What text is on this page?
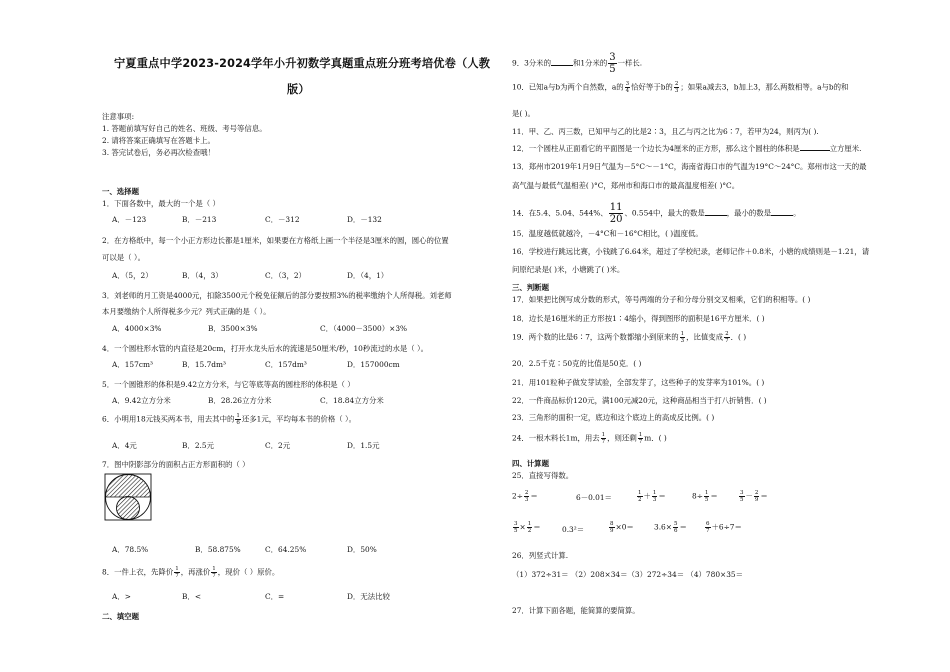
宁夏重点中学2023-2024学年小升初数学真题重点班分班考培优卷（人教
版）
注意事项:
1. 答题前填写好自己的姓名、班级、考号等信息。
2. 请将答案正确填写在答题卡上。
3. 答完试卷后，务必再次检查哦！
一、选择题
1．下面各数中，最大的一个是（ ）
A．－123	B．－213	C．－312	D．－132
2．在方格纸中，每一个小正方形边长都是1厘米，如果要在方格纸上画一个半径是3厘米的圆，圆心的位置
可以是（ ）。
A．（5，2）	B．（4，3）	C．（3，2）	D．（4，1）
3．刘老师的月工资是4000元，扣除3500元个税免征额后的部分要按照3%的税率缴纳个人所得税。刘老师
本月要缴纳个人所得税多少元？列式正确的是（ ）。
A．4000×3%	B．3500×3%	C．（4000－3500）×3%
4．一个圆柱形水管的内直径是20cm，打开水龙头后水的流速是50厘米/秒，10秒流过的水是（ ）。
A．157cm³	B．15.7dm³	C．157dm³	D．157000cm
5．一个圆锥形的体积是9.42立方分米，与它等底等高的圆柱形的体积是（ ）
A．9.42立方分米	B．28.26立方分米	C．18.84立方分米
6．小明用18元钱买两本书，用去其中的 $\frac{1}{6}$ 还多1元，平均每本书的价格（ ）。
A．4元	B．2.5元	C．2元	D．1.5元
7．图中阴影部分的面积占正方形面积的（ ）
A．78.5%	B．58.875%	C．64.25%	D．50%
8．一件上衣，先降价 $\frac{1}{7}$ ，再涨价 $\frac{1}{7}$ ，现价（ ）原价。
A．>	B．<	C．=	D．无法比较
二、填空题
9．3分米的	和1分米的 $\frac{3}{5}$ 一样长.
10．已知a与b为两个自然数，a的 $\frac{3}{4}$ 恰好等于b的 $\frac{2}{3}$ ；如果a减去3，b加上3，那么两数相等。a与b的和
是( )。
11．甲、乙、丙三数，已知甲与乙的比是2∶3，且乙与丙之比为6∶7，若甲为24，则丙为( ).
12．一个圆柱从正面看它的平面图是一个边长为4厘米的正方形，那么这个圆柱的体积是	立方厘米.
13．郑州市2019年1月9日气温为－5°C～－1°C，海南省海口市的气温为19°C～24°C。郑州市这一天的最
高气温与最低气温相差( )°C，郑州市和海口市的最高温度相差( )°C。
14．在5.4、5.04、544%、 $\frac{11}{20}$ 、0.554中，最大的数是	，最小的数是	。
15．温度越低就越冷，－4°C和－16°C相比，( )温度低。
16．学校进行跳远比赛，小钱跳了6.64米，超过了学校纪录，老师记作＋0.8米，小塘的成绩则是－1.21，请
问原纪录是( )米，小塘跳了( )米。
三、判断题
17．如果把比例写成分数的形式，等号两端的分子和分母分别交叉相乘，它们的积相等。( )
18．边长是16厘米的正方形按1∶4缩小，得到图形的面积是16平方厘米．( )
19．两个数的比是6∶7，这两个数都缩小到原来的 $\frac{1}{3}$ ，比值变成 $\frac{2}{7}$ ．( )
20．2.5千克∶50克的比值是50克．( )
21．用101粒种子做发芽试验，全部发芽了，这些种子的发芽率为101%。( )
22．一件商品标价120元，满100元减20元，这种商品相当于打八折销售．( )
23．三角形的面积一定，底边和这个底边上的高成反比例。( )
24．一根木料长1m，用去 $\frac{1}{7}$ ，则还剩 $\frac{1}{7}$ m．( )
四、计算题
25．直接写得数。
$2\div \frac{2}{3}$ ＝	6－0.01＝	$\frac{1}{2} + \frac{1}{3}$ ＝	$8\div \frac{1}{5}$ ＝	$\frac{3}{5} - \frac{2}{9}$ ＝
$\frac{3}{5} \times \frac{1}{2}$ ＝	0.3²＝	$\frac{8}{9} \times 0=$	$3.6\times \frac{5}{6}$ ＝	$\frac{6}{7} +6\div 7=$
26．列竖式计算.
（1）372÷31＝ （2）208×34＝（3）272÷34＝ （4）780×35＝
27．计算下面各题，能简算的要简算。
